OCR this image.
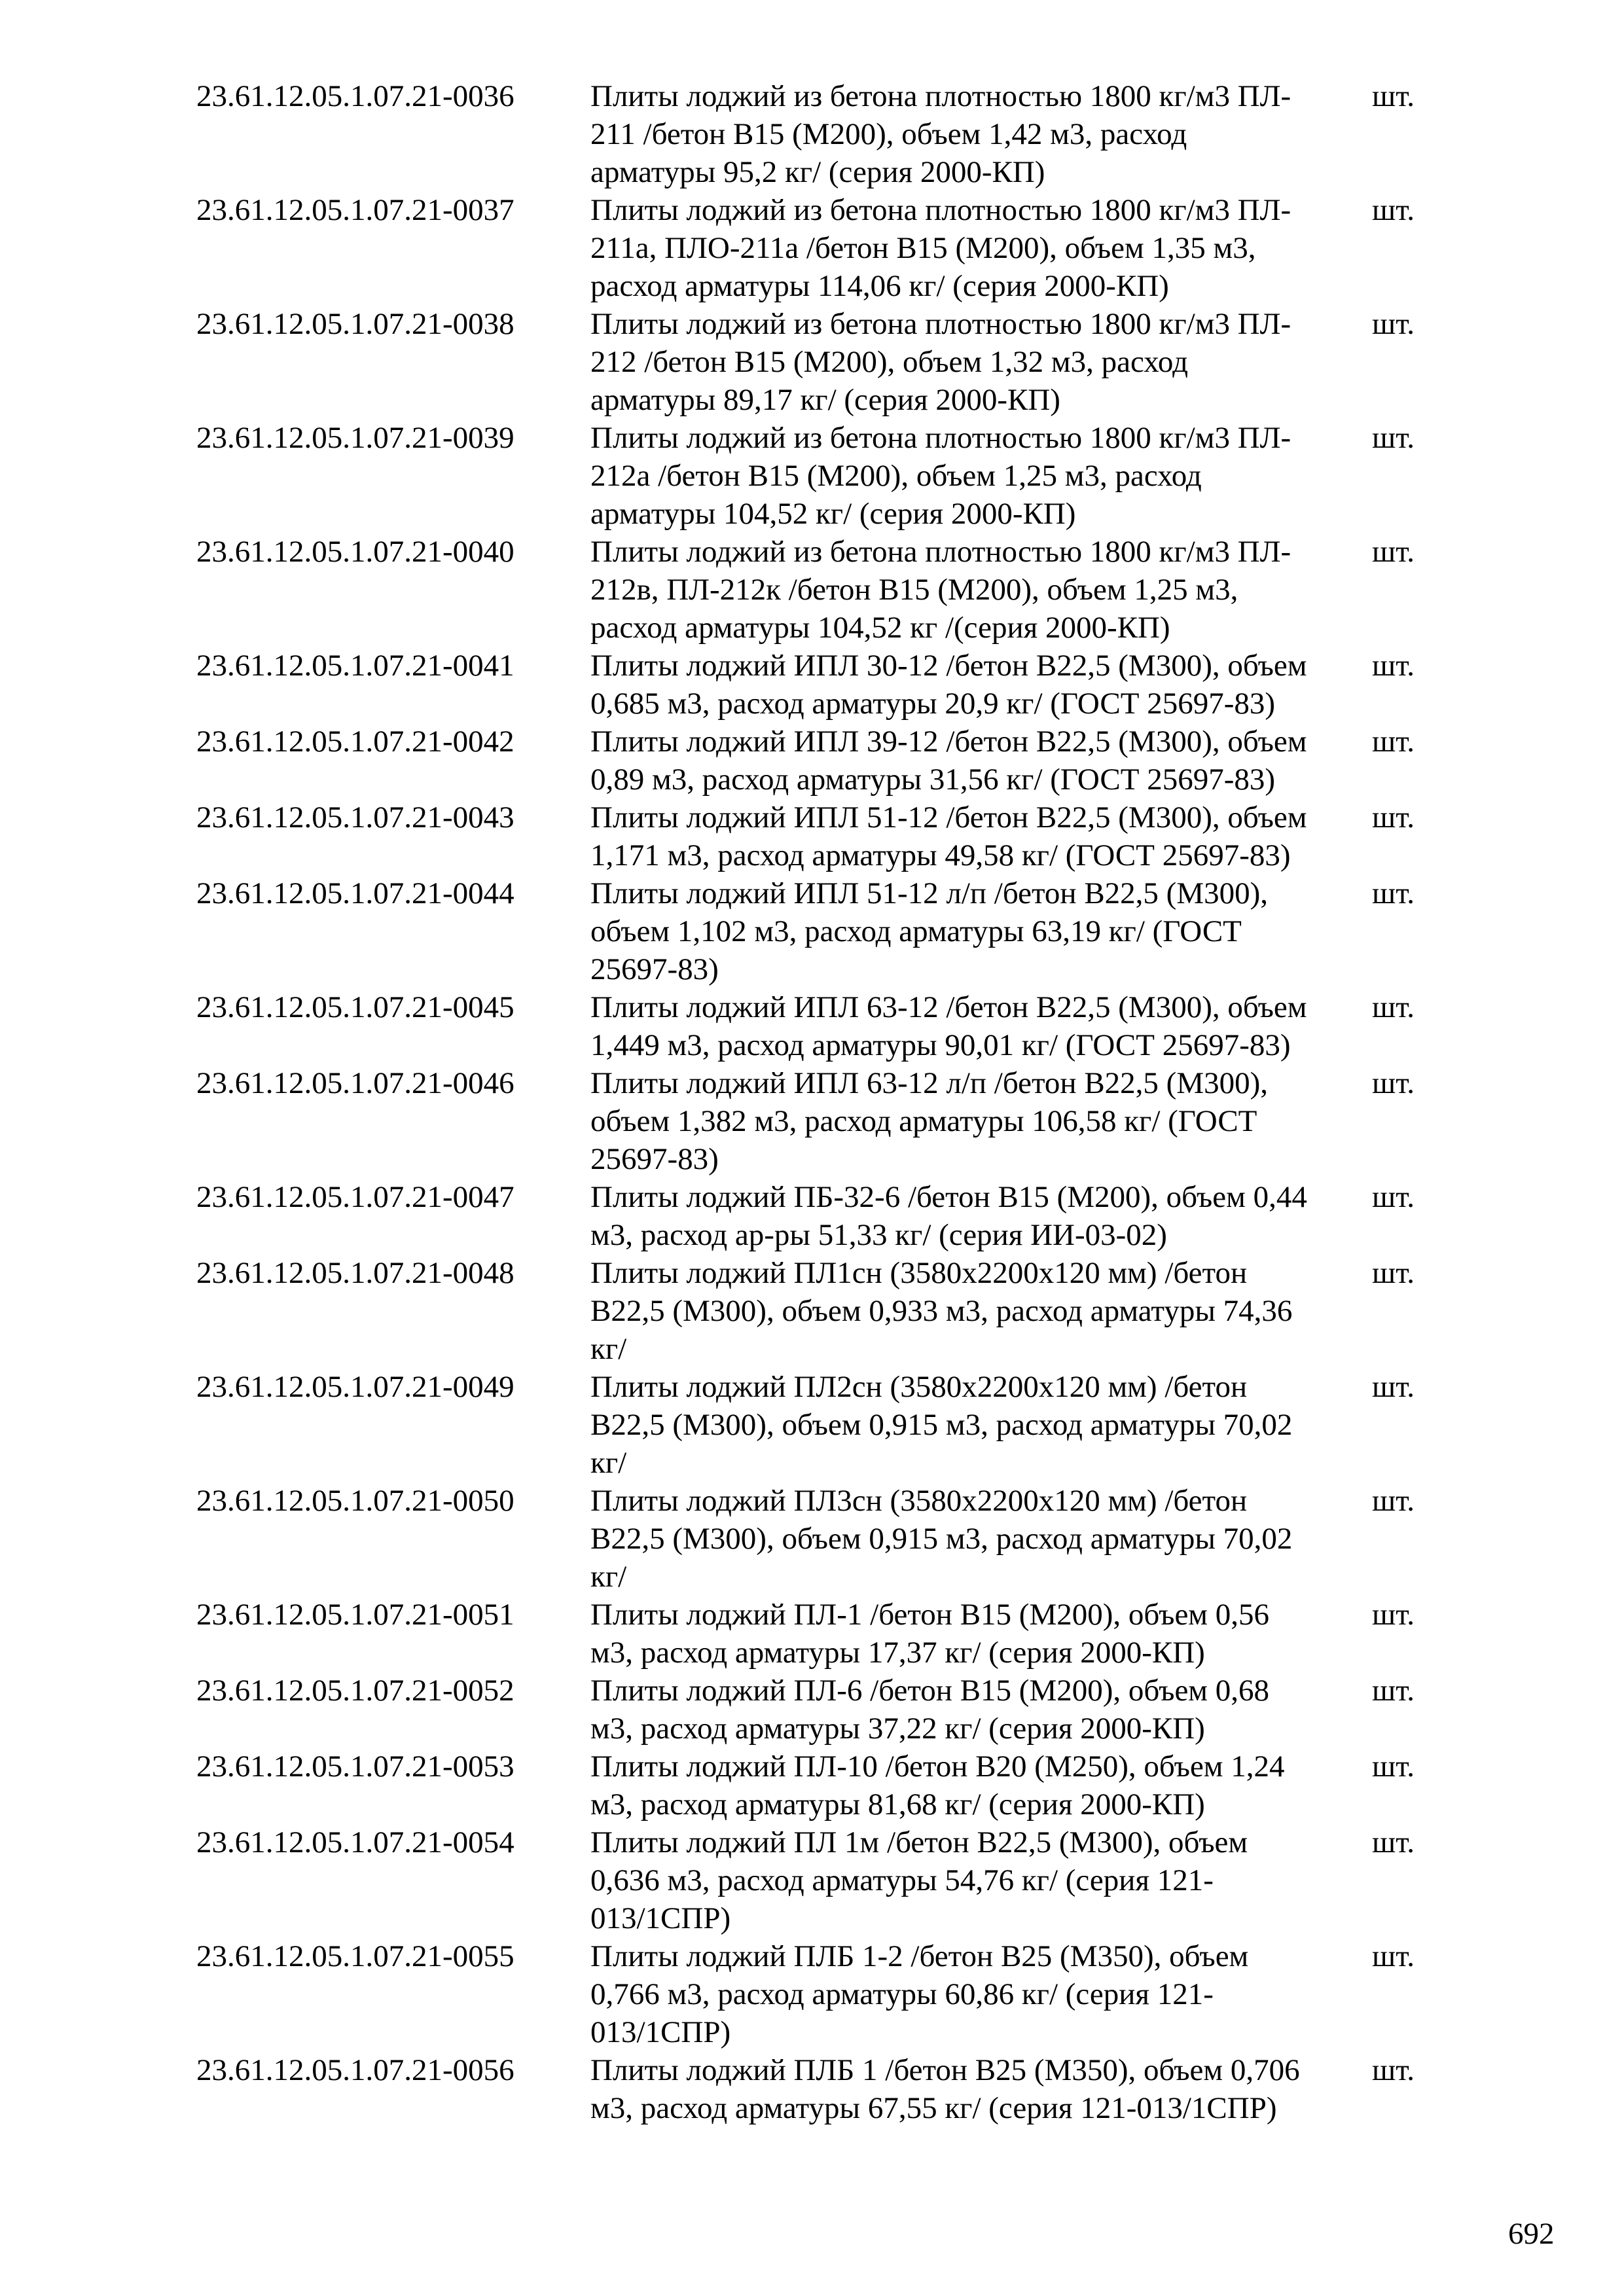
23.61.12.05.1.07.21-0036	Плиты лоджий из бетона плотностью 1800 кг/м3 ПЛ-
211 /бетон В15 (М200), объем 1,42 м3, расход
арматуры 95,2 кг/ (серия 2000-КП)
шт.
23.61.12.05.1.07.21-0037	Плиты лоджий из бетона плотностью 1800 кг/м3 ПЛ-
211а, ПЛО-211а /бетон В15 (М200), объем 1,35 м3,
расход арматуры 114,06 кг/ (серия 2000-КП)
шт.
23.61.12.05.1.07.21-0038	Плиты лоджий из бетона плотностью 1800 кг/м3 ПЛ-
212 /бетон В15 (М200), объем 1,32 м3, расход
арматуры 89,17 кг/ (серия 2000-КП)
шт.
23.61.12.05.1.07.21-0039	Плиты лоджий из бетона плотностью 1800 кг/м3 ПЛ-
212а /бетон В15 (М200), объем 1,25 м3, расход
арматуры 104,52 кг/ (серия 2000-КП)
шт.
23.61.12.05.1.07.21-0040	Плиты лоджий из бетона плотностью 1800 кг/м3 ПЛ-
212в, ПЛ-212к /бетон В15 (М200), объем 1,25 м3,
расход арматуры 104,52 кг /(серия 2000-КП)
шт.
23.61.12.05.1.07.21-0041	Плиты лоджий ИПЛ 30-12 /бетон В22,5 (М300), объем
0,685 м3, расход арматуры 20,9 кг/ (ГОСТ 25697-83)
шт.
23.61.12.05.1.07.21-0042	Плиты лоджий ИПЛ 39-12 /бетон В22,5 (М300), объем
0,89 м3, расход арматуры 31,56 кг/ (ГОСТ 25697-83)
шт.
23.61.12.05.1.07.21-0043	Плиты лоджий ИПЛ 51-12 /бетон В22,5 (М300), объем
1,171 м3, расход арматуры 49,58 кг/ (ГОСТ 25697-83)
шт.
23.61.12.05.1.07.21-0044	Плиты лоджий ИПЛ 51-12 л/п /бетон В22,5 (М300),
объем 1,102 м3, расход арматуры 63,19 кг/ (ГОСТ
25697-83)
шт.
23.61.12.05.1.07.21-0045	Плиты лоджий ИПЛ 63-12 /бетон В22,5 (М300), объем
1,449 м3, расход арматуры 90,01 кг/ (ГОСТ 25697-83)
шт.
23.61.12.05.1.07.21-0046	Плиты лоджий ИПЛ 63-12 л/п /бетон В22,5 (М300),
объем 1,382 м3, расход арматуры 106,58 кг/ (ГОСТ
25697-83)
шт.
23.61.12.05.1.07.21-0047	Плиты лоджий ПБ-32-6 /бетон В15 (М200), объем 0,44
м3, расход ар-ры 51,33 кг/ (серия ИИ-03-02)
шт.
23.61.12.05.1.07.21-0048	Плиты лоджий ПЛ1сн (3580х2200х120 мм) /бетон
В22,5 (М300), объем 0,933 м3, расход арматуры 74,36
кг/
шт.
23.61.12.05.1.07.21-0049	Плиты лоджий ПЛ2сн (3580х2200х120 мм) /бетон
В22,5 (М300), объем 0,915 м3, расход арматуры 70,02
кг/
шт.
23.61.12.05.1.07.21-0050	Плиты лоджий ПЛ3сн (3580х2200х120 мм) /бетон
В22,5 (М300), объем 0,915 м3, расход арматуры 70,02
кг/
шт.
23.61.12.05.1.07.21-0051	Плиты лоджий ПЛ-1 /бетон В15 (М200), объем 0,56
м3, расход арматуры 17,37 кг/ (серия 2000-КП)
шт.
23.61.12.05.1.07.21-0052	Плиты лоджий ПЛ-6 /бетон В15 (М200), объем 0,68
м3, расход арматуры 37,22 кг/ (серия 2000-КП)
шт.
23.61.12.05.1.07.21-0053	Плиты лоджий ПЛ-10 /бетон В20 (М250), объем 1,24
м3, расход арматуры 81,68 кг/ (серия 2000-КП)
шт.
23.61.12.05.1.07.21-0054	Плиты лоджий ПЛ 1м /бетон В22,5 (М300), объем
0,636 м3, расход арматуры 54,76 кг/ (серия 121-
013/1СПР)
шт.
23.61.12.05.1.07.21-0055	Плиты лоджий ПЛБ 1-2 /бетон В25 (М350), объем
0,766 м3, расход арматуры 60,86 кг/ (серия 121-
013/1СПР)
шт.
23.61.12.05.1.07.21-0056	Плиты лоджий ПЛБ 1 /бетон В25 (М350), объем 0,706
м3, расход арматуры 67,55 кг/ (серия 121-013/1СПР)
шт.
692
